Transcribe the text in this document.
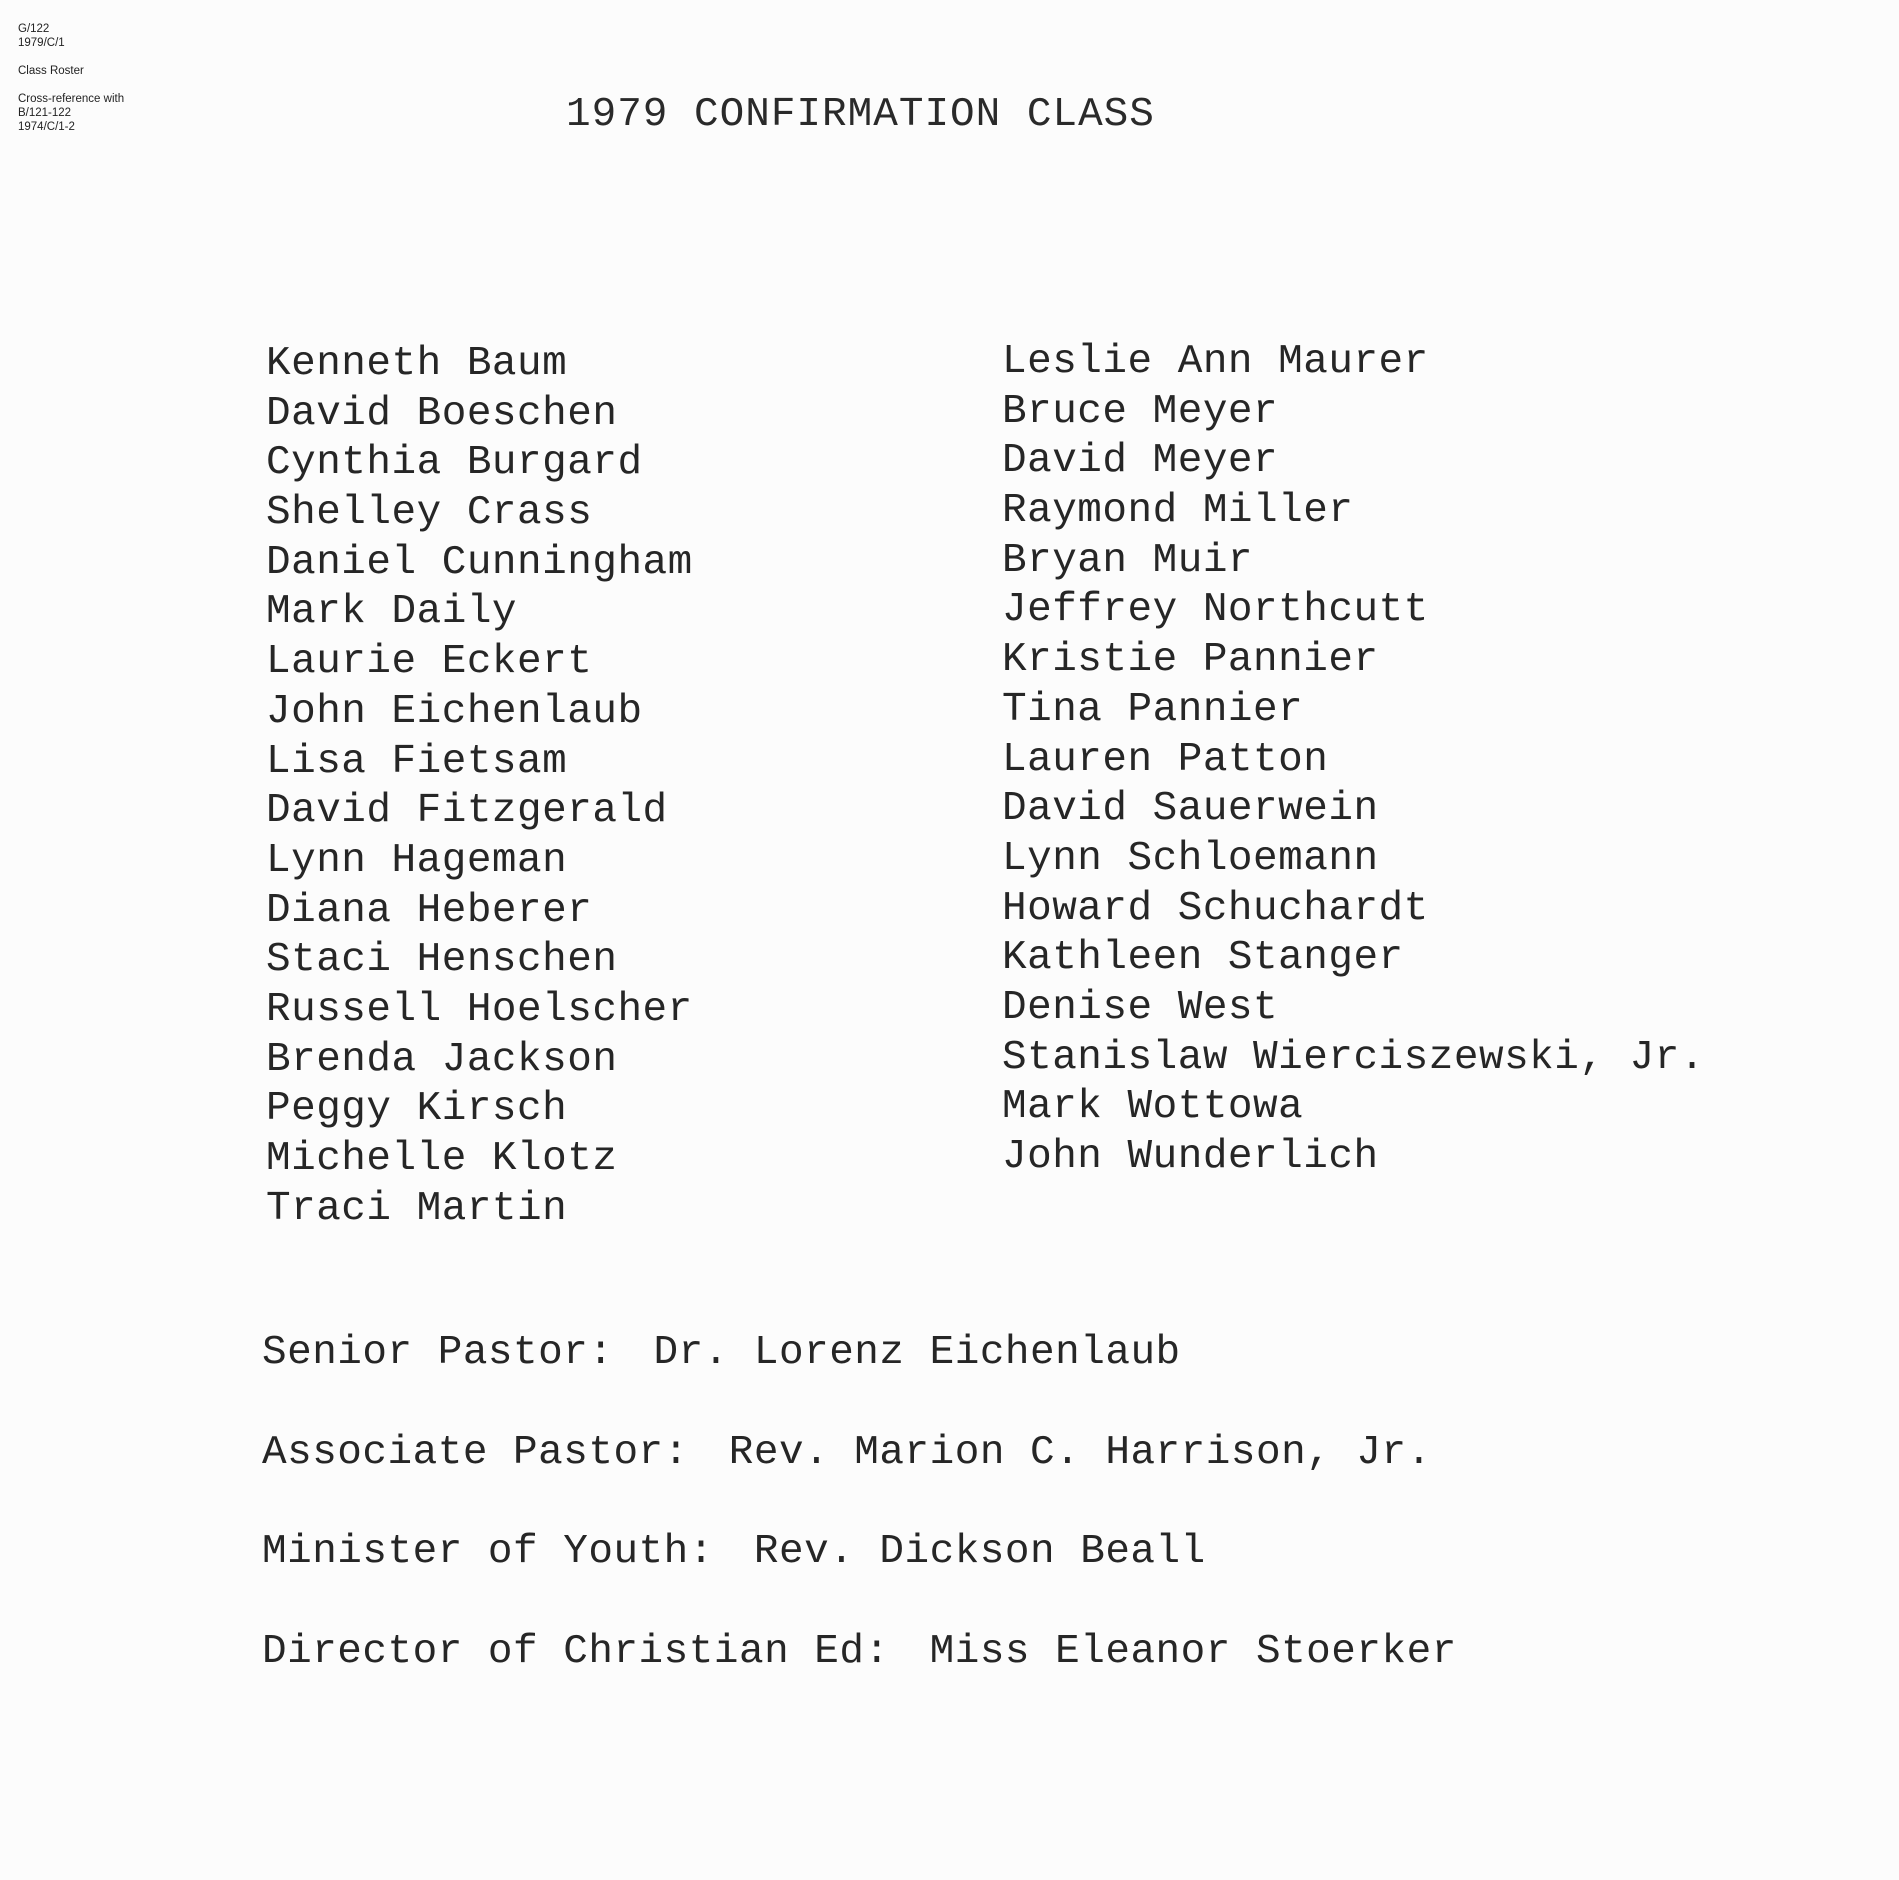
G/122
1979/C/1
Class Roster
Cross-reference with
B/121-122
1974/C/1-2	1979 CONFIRMATION CLASS
Kenneth Baum
David Boeschen
Cynthia Burgard
Shelley Crass
Daniel Cunningham
Mark Daily
Laurie Eckert
John Eichenlaub
Lisa Fietsam
David Fitzgerald
Lynn Hageman
Diana Heberer
Staci Henschen
Russell Hoelscher
Brenda Jackson
Peggy Kirsch
Michelle Klotz
Traci Martin
Leslie Ann Maurer
Bruce Meyer
David Meyer
Raymond Miller
Bryan Muir
Jeffrey Northcutt
Kristie Pannier
Tina Pannier
Lauren Patton
David Sauerwein
Lynn Schloemann
Howard Schuchardt
Kathleen Stanger
Denise West
Stanislaw Wierciszewski, Jr.
Mark Wottowa
John Wunderlich
Senior Pastor: Dr. Lorenz Eichenlaub
Associate Pastor: Rev. Marion C. Harrison, Jr.
Minister of Youth: Rev. Dickson Beall
Director of Christian Ed: Miss Eleanor Stoerker
